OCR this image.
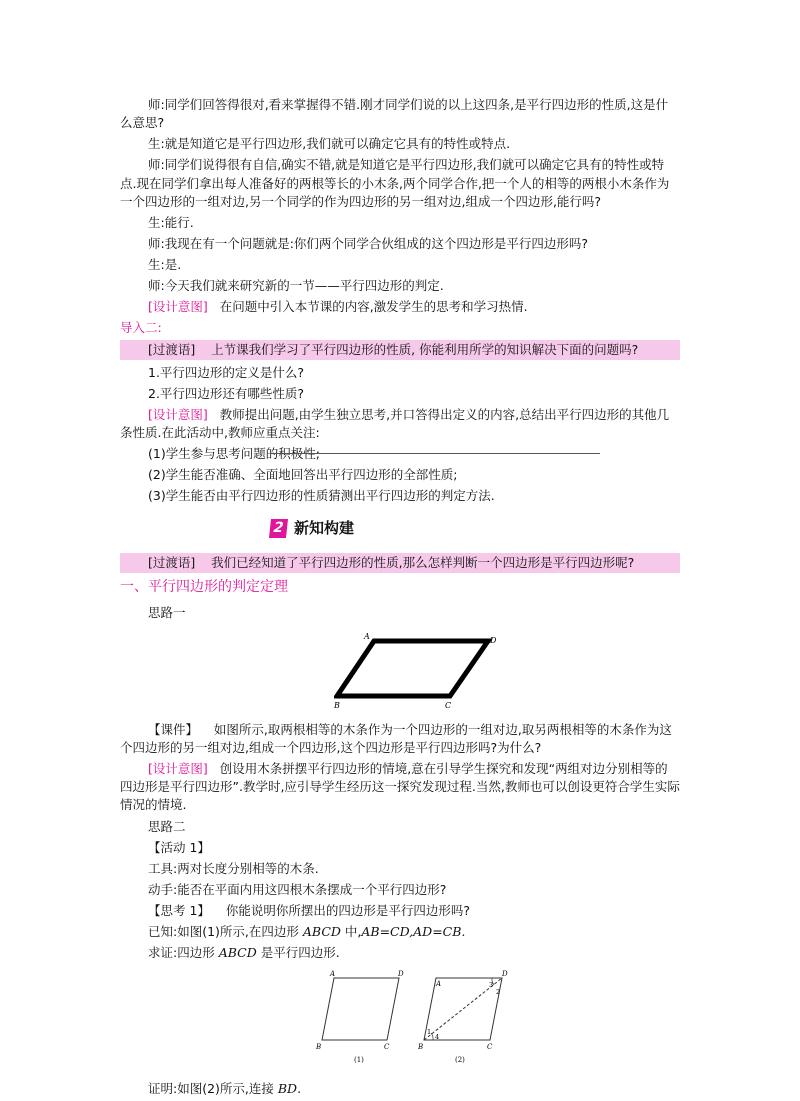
师:同学们回答得很对,看来掌握得不错.刚才同学们说的以上这四条,是平行四边形的性质,这是什么意思?

生:就是知道它是平行四边形,我们就可以确定它具有的特性或特点.

师:同学们说得很有自信,确实不错,就是知道它是平行四边形,我们就可以确定它具有的特性或特点.现在同学们拿出每人准备好的两根等长的小木条,两个同学合作,把一个人的相等的两根小木条作为一个四边形的一组对边,另一个同学的作为四边形的另一组对边,组成一个四边形,能行吗?

生:能行.

师:我现在有一个问题就是:你们两个同学合伙组成的这个四边形是平行四边形吗?

生:是.

师:今天我们就来研究新的一节——平行四边形的判定.

[设计意图] 在问题中引入本节课的内容,激发学生的思考和学习热情.

导入二:

[过渡语] 上节课我们学习了平行四边形的性质, 你能利用所学的知识解决下面的问题吗?

1.平行四边形的定义是什么?

2.平行四边形还有哪些性质?

[设计意图] 教师提出问题,由学生独立思考,并口答得出定义的内容,总结出平行四边形的其他几条性质.在此活动中,教师应重点关注:

(1)学生参与思考问题的积极性;

(2)学生能否准确、全面地回答出平行四边形的全部性质;

(3)学生能否由平行四边形的性质猜测出平行四边形的判定方法.

2 新知构建

[过渡语] 我们已经知道了平行四边形的性质,那么怎样判断一个四边形是平行四边形呢?

一、平行四边形的判定定理

思路一

A	D
B	C

【课件】 如图所示,取两根相等的木条作为一个四边形的一组对边,取另两根相等的木条作为这个四边形的另一组对边,组成一个四边形,这个四边形是平行四边形吗?为什么?

[设计意图] 创设用木条拼摆平行四边形的情境,意在引导学生探究和发现“两组对边分别相等的四边形是平行四边形”.教学时,应引导学生经历这一探究发现过程.当然,教师也可以创设更符合学生实际情况的情境.

思路二

【活动 1】

工具:两对长度分别相等的木条.

动手:能否在平面内用这四根木条摆成一个平行四边形?

【思考 1】 你能说明你所摆出的四边形是平行四边形吗?

已知:如图(1)所示,在四边形 ABCD 中,AB=CD,AD=CB.

求证:四边形 ABCD 是平行四边形.

A	D
B	C
(1)
A
D
B	C
1
2
3
4
(2)

证明:如图(2)所示,连接 BD.
